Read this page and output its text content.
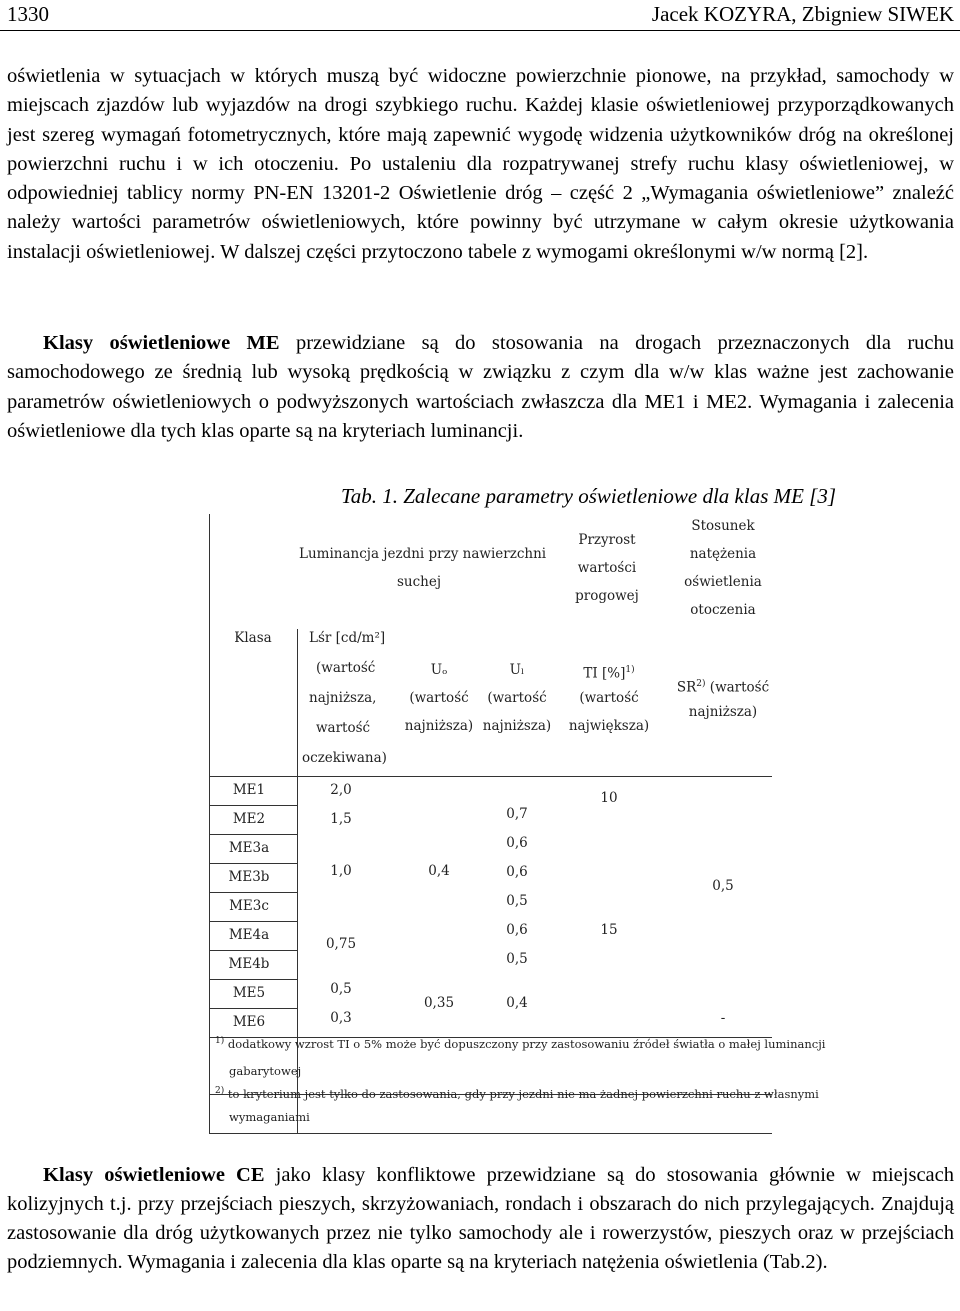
1330	Jacek KOZYRA, Zbigniew SIWEK

oświetlenia w sytuacjach w których muszą być widoczne powierzchnie pionowe, na przykład, samochody w miejscach zjazdów lub wyjazdów na drogi szybkiego ruchu. Każdej klasie oświetleniowej przyporządkowanych jest szereg wymagań fotometrycznych, które mają zapewnić wygodę widzenia użytkowników dróg na określonej powierzchni ruchu i w ich otoczeniu. Po ustaleniu dla rozpatrywanej strefy ruchu klasy oświetleniowej, w odpowiedniej tablicy normy PN-EN 13201-2 Oświetlenie dróg – część 2 „Wymagania oświetleniowe” znaleźć należy wartości parametrów oświetleniowych, które powinny być utrzymane w całym okresie użytkowania instalacji oświetleniowej. W dalszej części przytoczono tabele z wymogami określonymi w/w normą [2].

Klasy oświetleniowe ME przewidziane są do stosowania na drogach przeznaczonych dla ruchu samochodowego ze średnią lub wysoką prędkością w związku z czym dla w/w klas ważne jest zachowanie parametrów oświetleniowych o podwyższonych wartościach zwłaszcza dla ME1 i ME2. Wymagania i zalecenia oświetleniowe dla tych klas oparte są na kryteriach luminancji.

Tab. 1. Zalecane parametry oświetleniowe dla klas ME [3]
Luminancja jezdni przy nawierzchni
suchej
Przyrost
wartości
progowej
Stosunek
natężenia
oświetlenia
otoczenia
Klasa	Lśr [cd/m²]
(wartość
najniższa,
wartość
oczekiwana)
Uₒ
(wartość
najniższa)
Uₗ
(wartość
najniższa)
TI [%]$^{1)}$
(wartość
największa)
SR$^{2)}$ (wartość
najniższa)
ME1
ME2
ME3a
ME3b
ME3c
ME4a
ME4b
ME5
ME6
2,0
1,5
1,0
0,75
0,5
0,3
0,4
0,35
0,7
0,6
0,6
0,5
0,6
0,5
0,4
10
15
0,5
-
$^{1)}$ dodatkowy wzrost TI o 5% może być dopuszczony przy zastosowaniu źródeł światła o małej luminancji
gabarytowej
$^{2)}$ to kryterium jest tylko do zastosowania, gdy przy jezdni nie ma żadnej powierzchni ruchu z własnymi
wymaganiami

Klasy oświetleniowe CE jako klasy konfliktowe przewidziane są do stosowania głównie w miejscach kolizyjnych t.j. przy przejściach pieszych, skrzyżowaniach, rondach i obszarach do nich przylegających. Znajdują zastosowanie dla dróg użytkowanych przez nie tylko samochody ale i rowerzystów, pieszych oraz w przejściach podziemnych. Wymagania i zalecenia dla klas oparte są na kryteriach natężenia oświetlenia (Tab.2).
